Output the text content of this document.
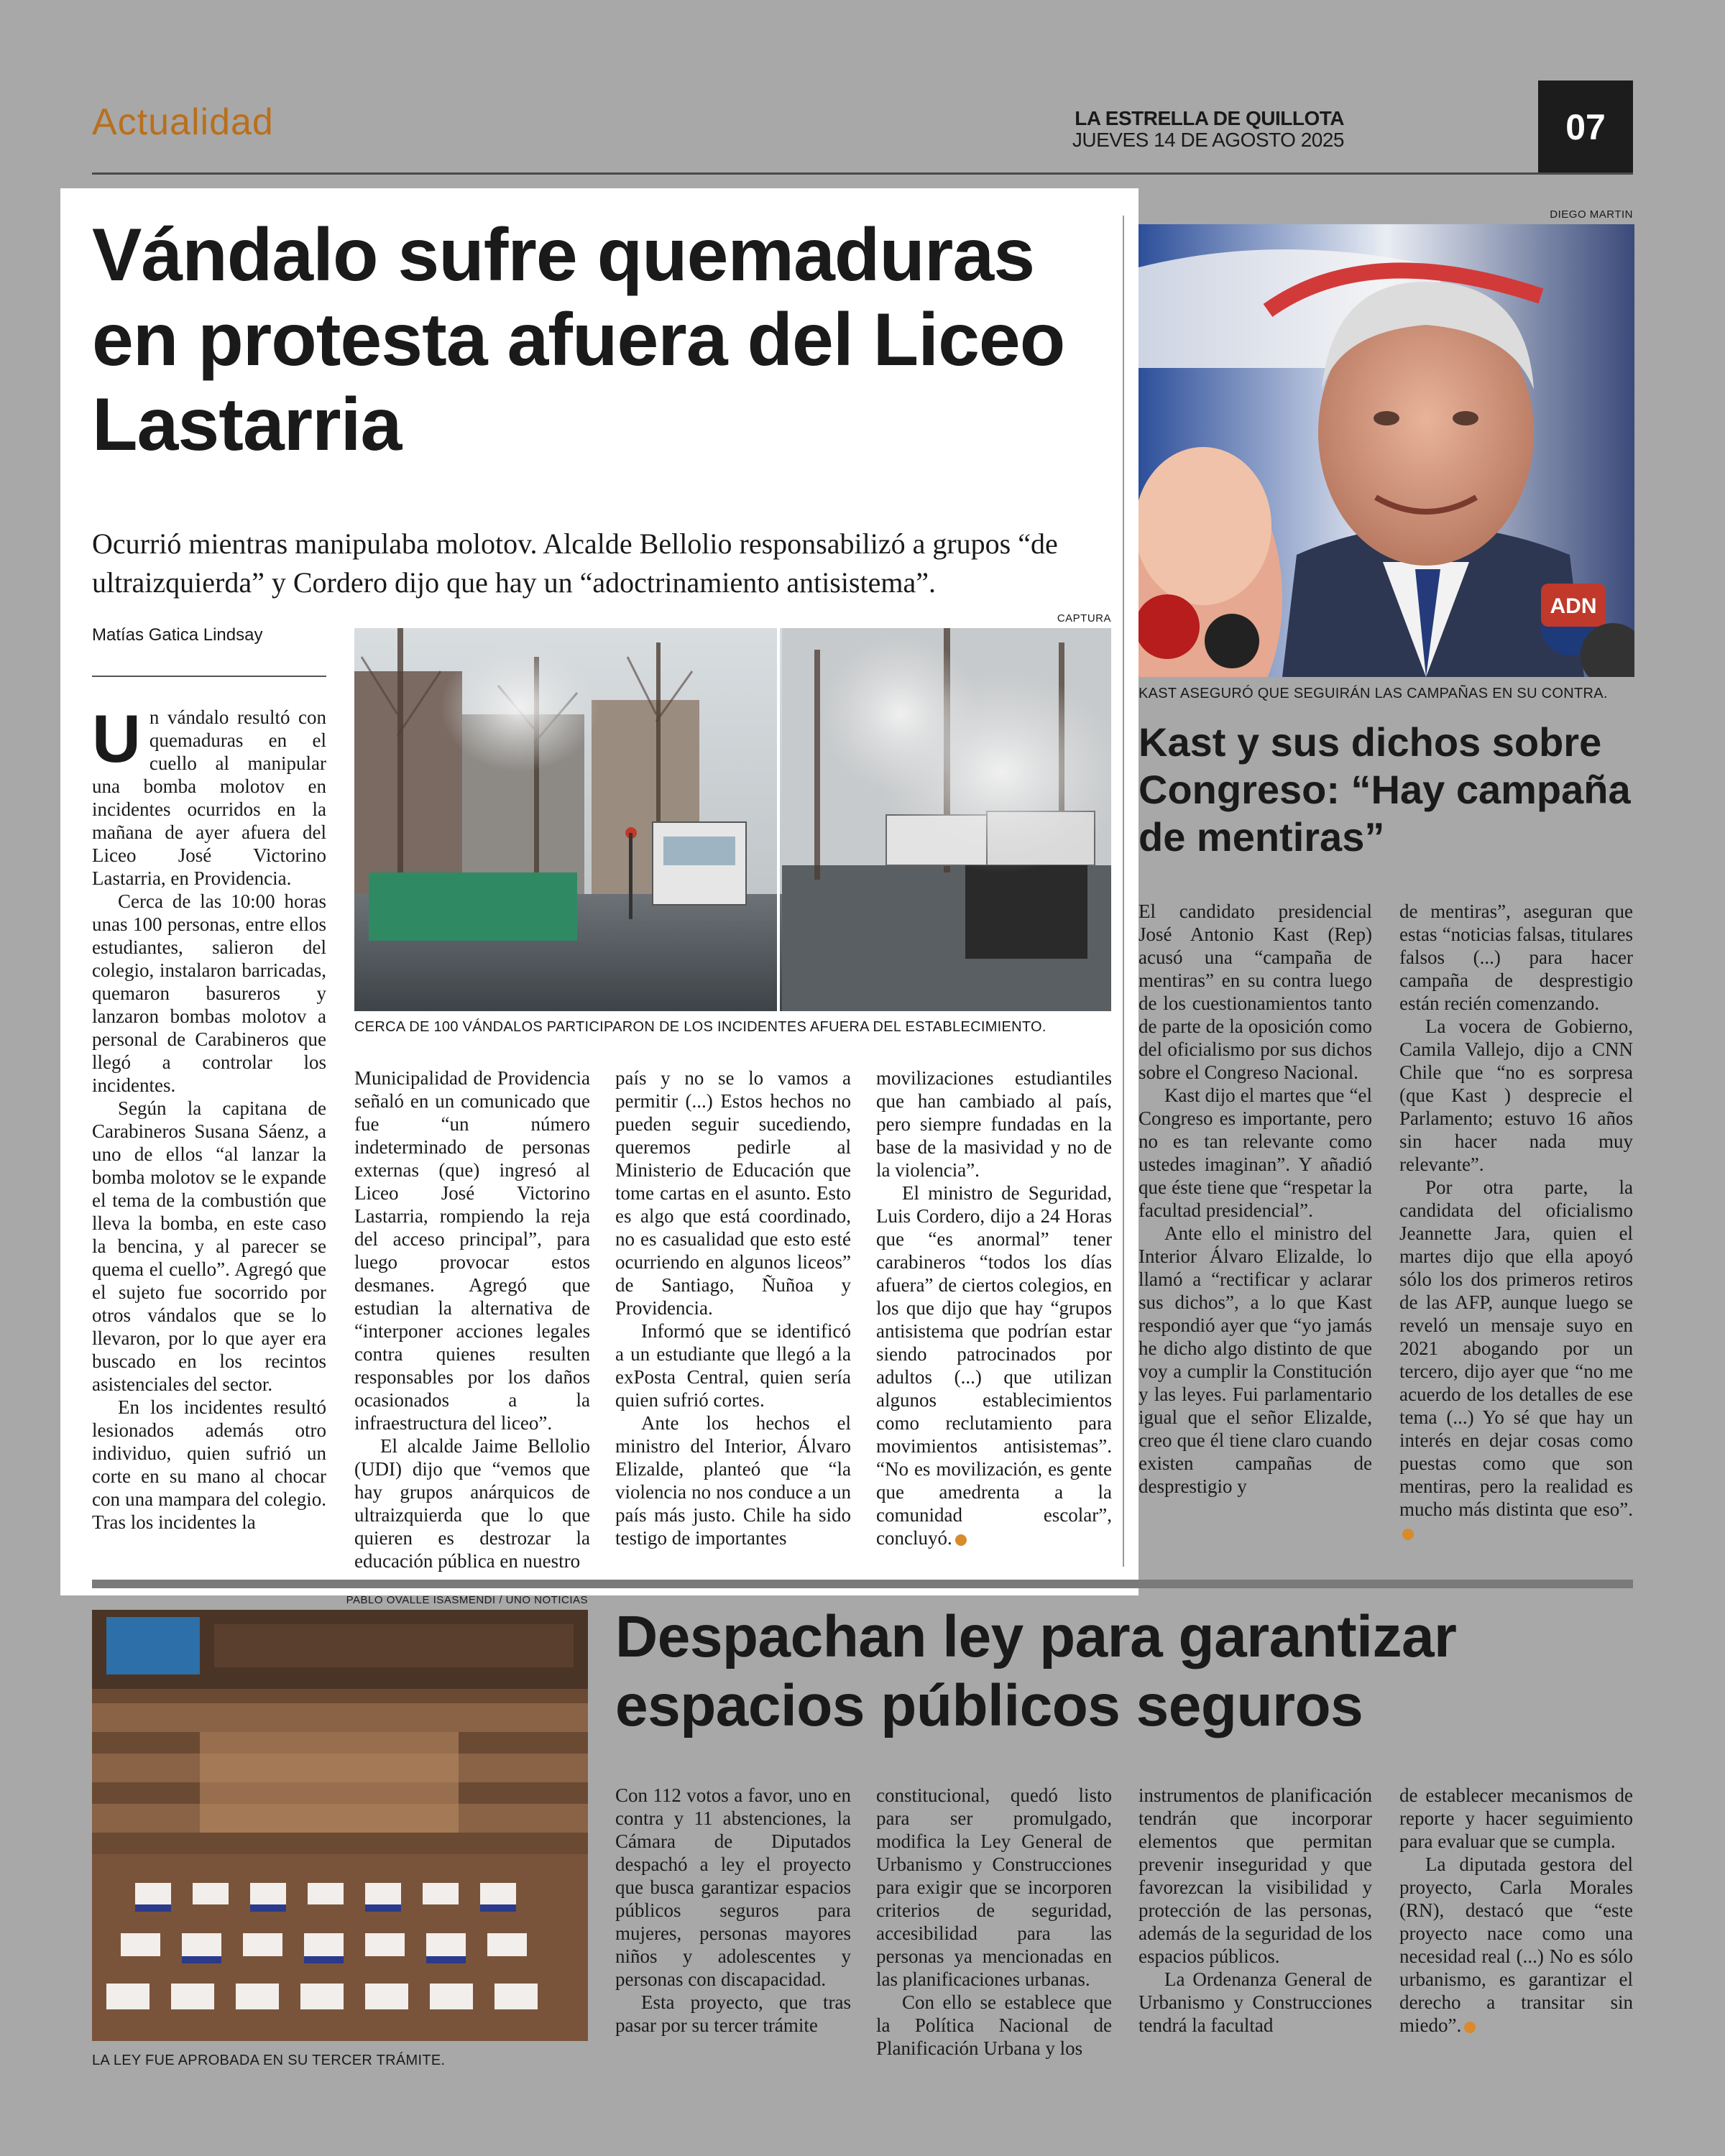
Actualidad	LA ESTRELLA DE QUILLOTA
JUEVES 14 DE AGOSTO 2025	07
Vándalo sufre quemaduras en protesta afuera del Liceo Lastarria
Ocurrió mientras manipulaba molotov. Alcalde Bellolio responsabilizó a grupos “de ultraizquierda” y Cordero dijo que hay un “adoctrinamiento antisistema”.
Matías Gatica Lindsay
CAPTURA
CERCA DE 100 VÁNDALOS PARTICIPARON DE LOS INCIDENTES AFUERA DEL ESTABLECIMIENTO.
U n vándalo resultó con quemaduras en el cuello al manipular una bomba molotov en incidentes ocurridos en la mañana de ayer afuera del Liceo José Victorino Lastarria, en Providencia.

Cerca de las 10:00 horas unas 100 personas, entre ellos estudiantes, salieron del colegio, instalaron barricadas, quemaron basureros y lanzaron bombas molotov a personal de Carabineros que llegó a controlar los incidentes.

Según la capitana de Carabineros Susana Sáenz, a uno de ellos “al lanzar la bomba molotov se le expande el tema de la combustión que lleva la bomba, en este caso la bencina, y al parecer se quema el cuello”. Agregó que el sujeto fue socorrido por otros vándalos que se lo llevaron, por lo que ayer era buscado en los recintos asistenciales del sector.

En los incidentes resultó lesionados además otro individuo, quien sufrió un corte en su mano al chocar con una mampara del colegio. Tras los incidentes la

Municipalidad de Providencia señaló en un comunicado que fue “un número indeterminado de personas externas (que) ingresó al Liceo José Victorino Lastarria, rompiendo la reja del acceso principal”, para luego provocar estos desmanes. Agregó que estudian la alternativa de “interponer acciones legales contra quienes resulten responsables por los daños ocasionados a la infraestructura del liceo”.

El alcalde Jaime Bellolio (UDI) dijo que “vemos que hay grupos anárquicos de ultraizquierda que lo que quieren es destrozar la educación pública en nuestro

país y no se lo vamos a permitir (...) Estos hechos no pueden seguir sucediendo, queremos pedirle al Ministerio de Educación que tome cartas en el asunto. Esto es algo que está coordinado, no es casualidad que esto esté ocurriendo en algunos liceos” de Santiago, Ñuñoa y Providencia.

Informó que se identificó a un estudiante que llegó a la exPosta Central, quien sería quien sufrió cortes.

Ante los hechos el ministro del Interior, Álvaro Elizalde, planteó que “la violencia no nos conduce a un país más justo. Chile ha sido testigo de importantes

movilizaciones estudiantiles que han cambiado al país, pero siempre fundadas en la base de la masividad y no de la violencia”.

El ministro de Seguridad, Luis Cordero, dijo a 24 Horas que “es anormal” tener carabineros “todos los días afuera” de ciertos colegios, en los que dijo que hay “grupos antisistema que podrían estar siendo patrocinados por adultos (...) que utilizan algunos establecimientos como reclutamiento para movimientos antisistemas”. “No es movilización, es gente que amedrenta a la comunidad escolar”, concluyó.

DIEGO MARTIN
ADN
KAST ASEGURÓ QUE SEGUIRÁN LAS CAMPAÑAS EN SU CONTRA.
Kast y sus dichos sobre Congreso: “Hay campaña de mentiras”

El candidato presidencial José Antonio Kast (Rep) acusó una “campaña de mentiras” en su contra luego de los cuestionamientos tanto de parte de la oposición como del oficialismo por sus dichos sobre el Congreso Nacional.

Kast dijo el martes que “el Congreso es importante, pero no es tan relevante como ustedes imaginan”. Y añadió que éste tiene que “respetar la facultad presidencial”.

Ante ello el ministro del Interior Álvaro Elizalde, lo llamó a “rectificar y aclarar sus dichos”, a lo que Kast respondió ayer que “yo jamás he dicho algo distinto de que voy a cumplir la Constitución y las leyes. Fui parlamentario igual que el señor Elizalde, creo que él tiene claro cuando existen campañas de desprestigio y

de mentiras”, aseguran que estas “noticias falsas, titulares falsos (...) para hacer campaña de desprestigio están recién comenzando.

La vocera de Gobierno, Camila Vallejo, dijo a CNN Chile que “no es sorpresa (que Kast ) desprecie el Parlamento; estuvo 16 años sin hacer nada muy relevante”.

Por otra parte, la candidata del oficialismo Jeannette Jara, quien el martes dijo que ella apoyó sólo los dos primeros retiros de las AFP, aunque luego se reveló un mensaje suyo en 2021 abogando por un tercero, dijo ayer que “no me acuerdo de los detalles de ese tema (...) Yo sé que hay un interés en dejar cosas como puestas como que son mentiras, pero la realidad es mucho más distinta que eso”.

PABLO OVALLE ISASMENDI / UNO NOTICIAS
LA LEY FUE APROBADA EN SU TERCER TRÁMITE.
Despachan ley para garantizar espacios públicos seguros

Con 112 votos a favor, uno en contra y 11 abstenciones, la Cámara de Diputados despachó a ley el proyecto que busca garantizar espacios públicos seguros para mujeres, personas mayores niños y adolescentes y personas con discapacidad.

Esta proyecto, que tras pasar por su tercer trámite

constitucional, quedó listo para ser promulgado, modifica la Ley General de Urbanismo y Construcciones para exigir que se incorporen criterios de seguridad, accesibilidad para las personas ya mencionadas en las planificaciones urbanas.

Con ello se establece que la Política Nacional de Planificación Urbana y los

instrumentos de planificación tendrán que incorporar elementos que permitan prevenir inseguridad y que favorezcan la visibilidad y protección de las personas, además de la seguridad de los espacios públicos.

La Ordenanza General de Urbanismo y Construcciones tendrá la facultad

de establecer mecanismos de reporte y hacer seguimiento para evaluar que se cumpla.

La diputada gestora del proyecto, Carla Morales (RN), destacó que “este proyecto nace como una necesidad real (...) No es sólo urbanismo, es garantizar el derecho a transitar sin miedo”.
